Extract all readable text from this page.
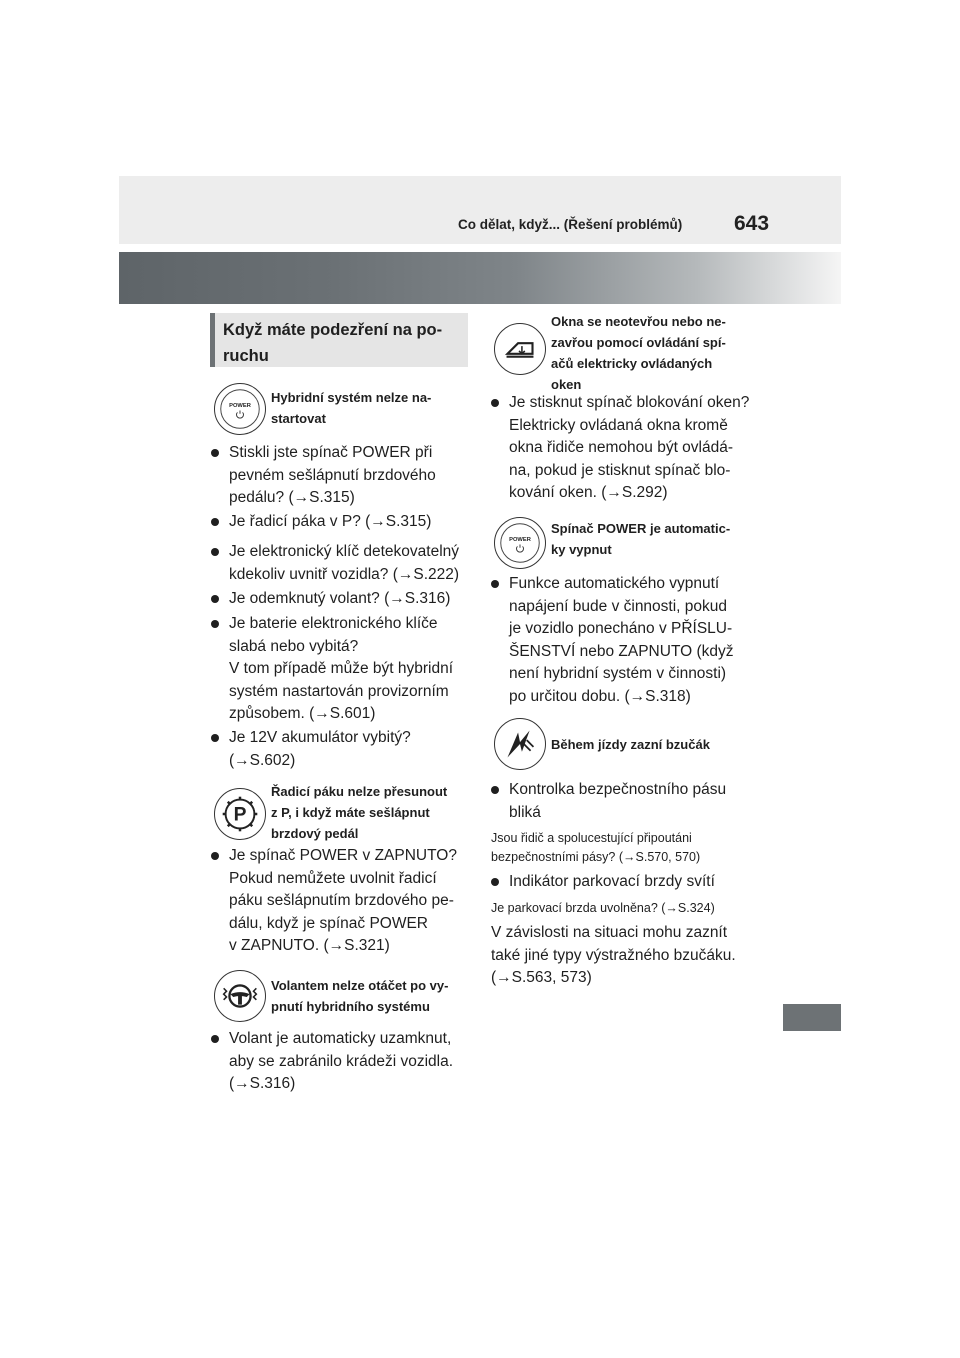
Co dělat, když... (Řešení problémů) 643
Když máte podezření na po-
ruchu
POWER
Hybridní systém nelze na-
startovat
Stiskli jste spínač POWER při
pevném sešlápnutí brzdového
pedálu? (→S.315)
Je řadicí páka v P? (→S.315)
Je elektronický klíč detekovatelný
kdekoliv uvnitř vozidla? (→S.222)
Je odemknutý volant? (→S.316)
Je baterie elektronického klíče
slabá nebo vybitá?
V tom případě může být hybridní
systém nastartován provizorním
způsobem. (→S.601)
Je 12V akumulátor vybitý?
(→S.602)
P
Řadicí páku nelze přesunout
z P, i když máte sešlápnut
brzdový pedál
Je spínač POWER v ZAPNUTO?
Pokud nemůžete uvolnit řadicí
páku sešlápnutím brzdového pe-
dálu, když je spínač POWER
v ZAPNUTO. (→S.321)
Volantem nelze otáčet po vy-
pnutí hybridního systému
Volant je automaticky uzamknut,
aby se zabránilo krádeži vozidla.
(→S.316)
Okna se neotevřou nebo ne-
zavřou pomocí ovládání spí-
ačů elektricky ovládaných
oken
Je stisknut spínač blokování oken?
Elektricky ovládaná okna kromě
okna řidiče nemohou být ovládá-
na, pokud je stisknut spínač blo-
kování oken. (→S.292)
POWER
Spínač POWER je automatic-
ky vypnut
Funkce automatického vypnutí
napájení bude v činnosti, pokud
je vozidlo ponecháno v PŘÍSLU-
ŠENSTVÍ nebo ZAPNUTO (když
není hybridní systém v činnosti)
po určitou dobu. (→S.318)
Během jízdy zazní bzučák
Kontrolka bezpečnostního pásu
bliká
Jsou řidič a spolucestující připoutáni
bezpečnostními pásy? (→S.570, 570)
Indikátor parkovací brzdy svítí
Je parkovací brzda uvolněna? (→S.324)
V závislosti na situaci mohu zaznít
také jiné typy výstražného bzučáku.
(→S.563, 573)
